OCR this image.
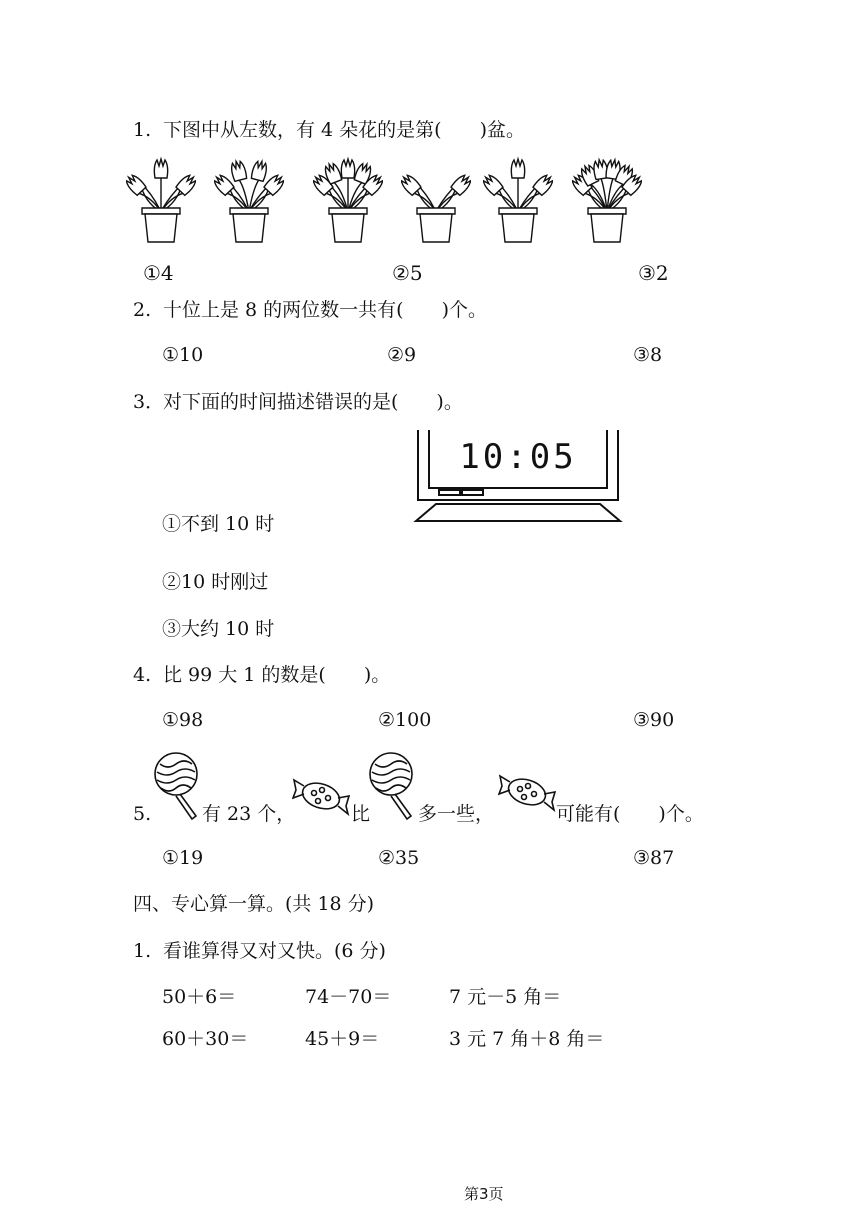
1. 下图中从左数，有 4 朵花的是第(　　)盆。
①4	②5	③2
2. 十位上是 8 的两位数一共有(　　)个。
①10	②9	③8
3．
对下面的时间描述错误的是(　　)。
10:05
①不到 10 时
②10 时刚过
③大约 10 时
4. 比 99 大 1 的数是(　　)。
①98	②100	③90
5.	有 23 个，	比	多一些，	可能有(　　)个。
①19	②35	③87
四、专心算一算。(共 18 分)
1. 看谁算得又对又快。(6 分)
50＋6＝	74－70＝	7 元－5 角＝
60＋30＝	45＋9＝	3 元 7 角＋8 角＝
第3页
